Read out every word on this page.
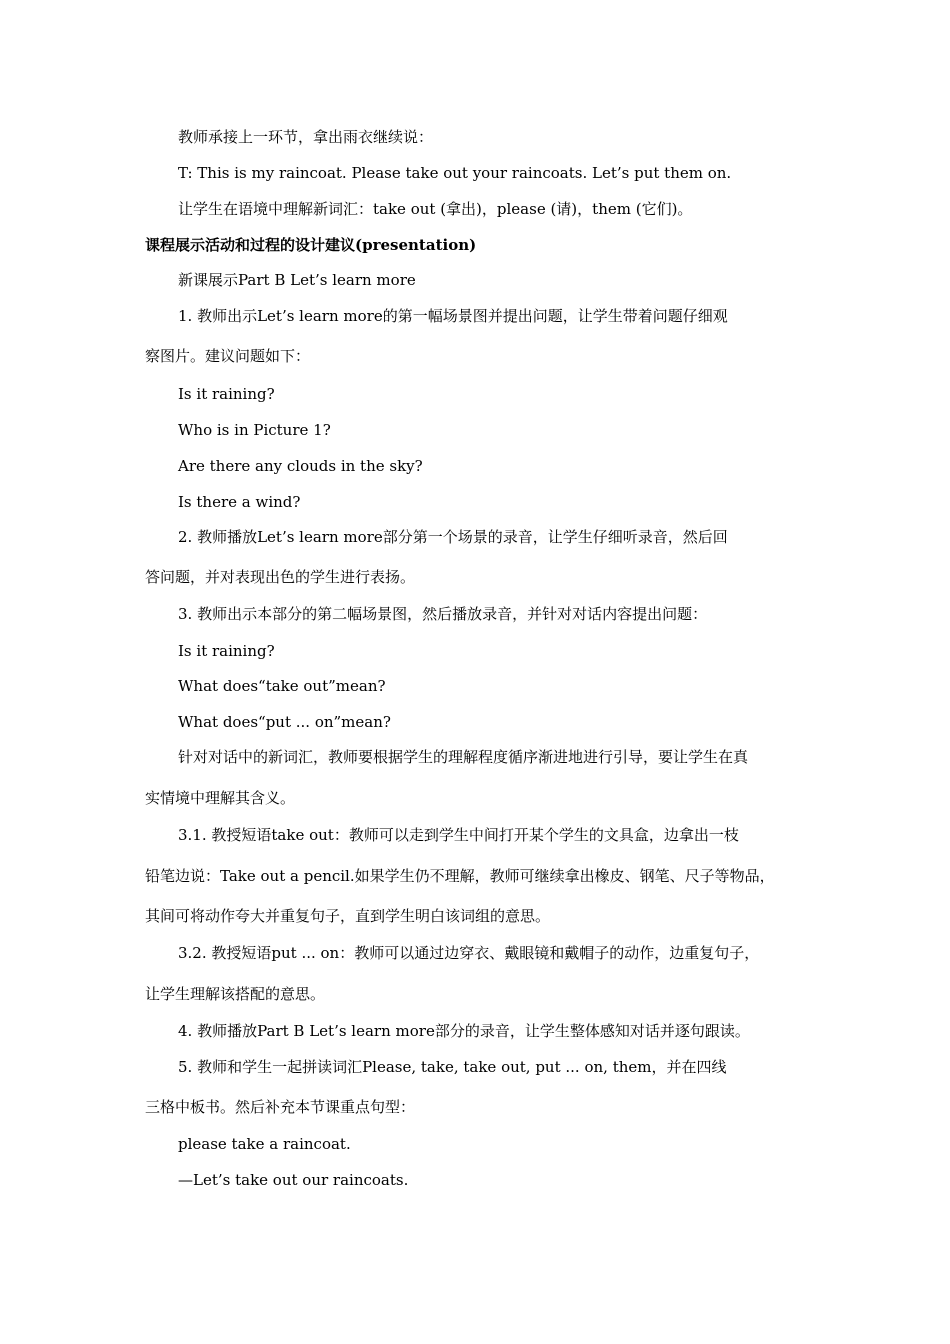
教师承接上一环节，拿出雨衣继续说：
T: This is my raincoat. Please take out your raincoats. Let’s put them on.
让学生在语境中理解新词汇：take out (拿出)，please (请)，them (它们)。
课程展示活动和过程的设计建议(presentation)
新课展示Part B Let’s learn more
1. 教师出示Let’s learn more的第一幅场景图并提出问题，让学生带着问题仔细观
察图片。建议问题如下：
Is it raining?
Who is in Picture 1?
Are there any clouds in the sky?
Is there a wind?
2. 教师播放Let’s learn more部分第一个场景的录音，让学生仔细听录音，然后回
答问题，并对表现出色的学生进行表扬。
3. 教师出示本部分的第二幅场景图，然后播放录音，并针对对话内容提出问题：
Is it raining?
What does“take out”mean?
What does“put ... on”mean?
针对对话中的新词汇，教师要根据学生的理解程度循序渐进地进行引导，要让学生在真
实情境中理解其含义。
3.1. 教授短语take out：教师可以走到学生中间打开某个学生的文具盒，边拿出一枝
铅笔边说：Take out a pencil.如果学生仍不理解，教师可继续拿出橡皮、钢笔、尺子等物品，
其间可将动作夸大并重复句子，直到学生明白该词组的意思。
3.2. 教授短语put ... on：教师可以通过边穿衣、戴眼镜和戴帽子的动作，边重复句子，
让学生理解该搭配的意思。
4. 教师播放Part B Let’s learn more部分的录音，让学生整体感知对话并逐句跟读。
5. 教师和学生一起拼读词汇Please, take, take out, put ... on, them，并在四线
三格中板书。然后补充本节课重点句型：
please take a raincoat.
—Let’s take out our raincoats.
